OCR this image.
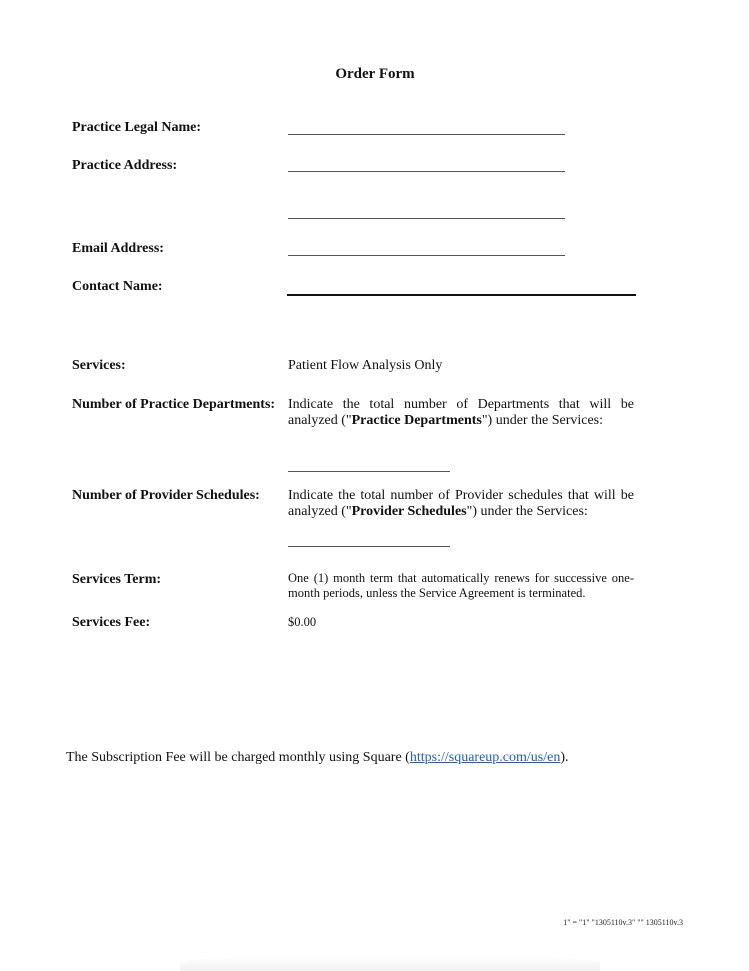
Order Form
Practice Legal Name:
Practice Address:
Email Address:
Contact Name:
Services:	Patient Flow Analysis Only
Number of Practice Departments: Indicate the total number of Departments that will be analyzed ("Practice Departments") under the Services:
Number of Provider Schedules: Indicate the total number of Provider schedules that will be analyzed ("Provider Schedules") under the Services:
Services Term:	One (1) month term that automatically renews for successive one-month periods, unless the Service Agreement is terminated.
Services Fee:	$0.00
The Subscription Fee will be charged monthly using Square (https://squareup.com/us/en).
1" = "1" "1305110v.3" "" 1305110v.3
